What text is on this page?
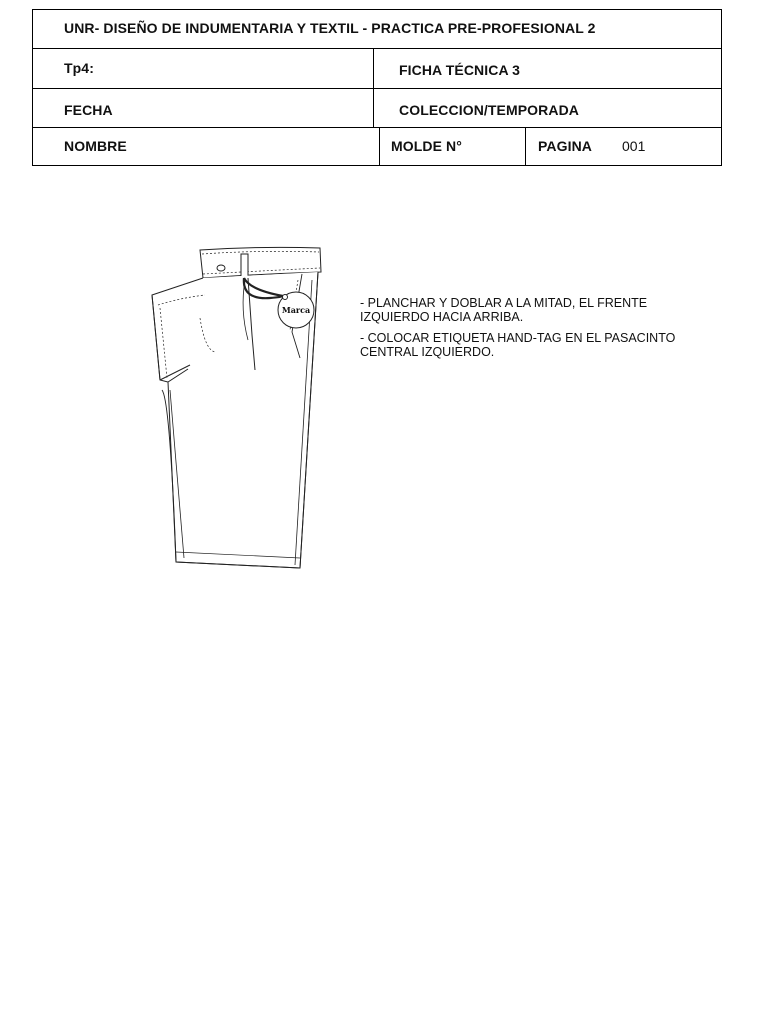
UNR- DISEÑO DE INDUMENTARIA Y TEXTIL - PRACTICA PRE-PROFESIONAL 2
Tp4:	FICHA TÉCNICA 3
FECHA	COLECCION/TEMPORADA
NOMBRE	MOLDE N°	PAGINA 001
Marca	- PLANCHAR Y DOBLAR A LA MITAD, EL FRENTE IZQUIERDO HACIA ARRIBA.

- COLOCAR ETIQUETA HAND-TAG EN EL PASACINTO CENTRAL IZQUIERDO.
